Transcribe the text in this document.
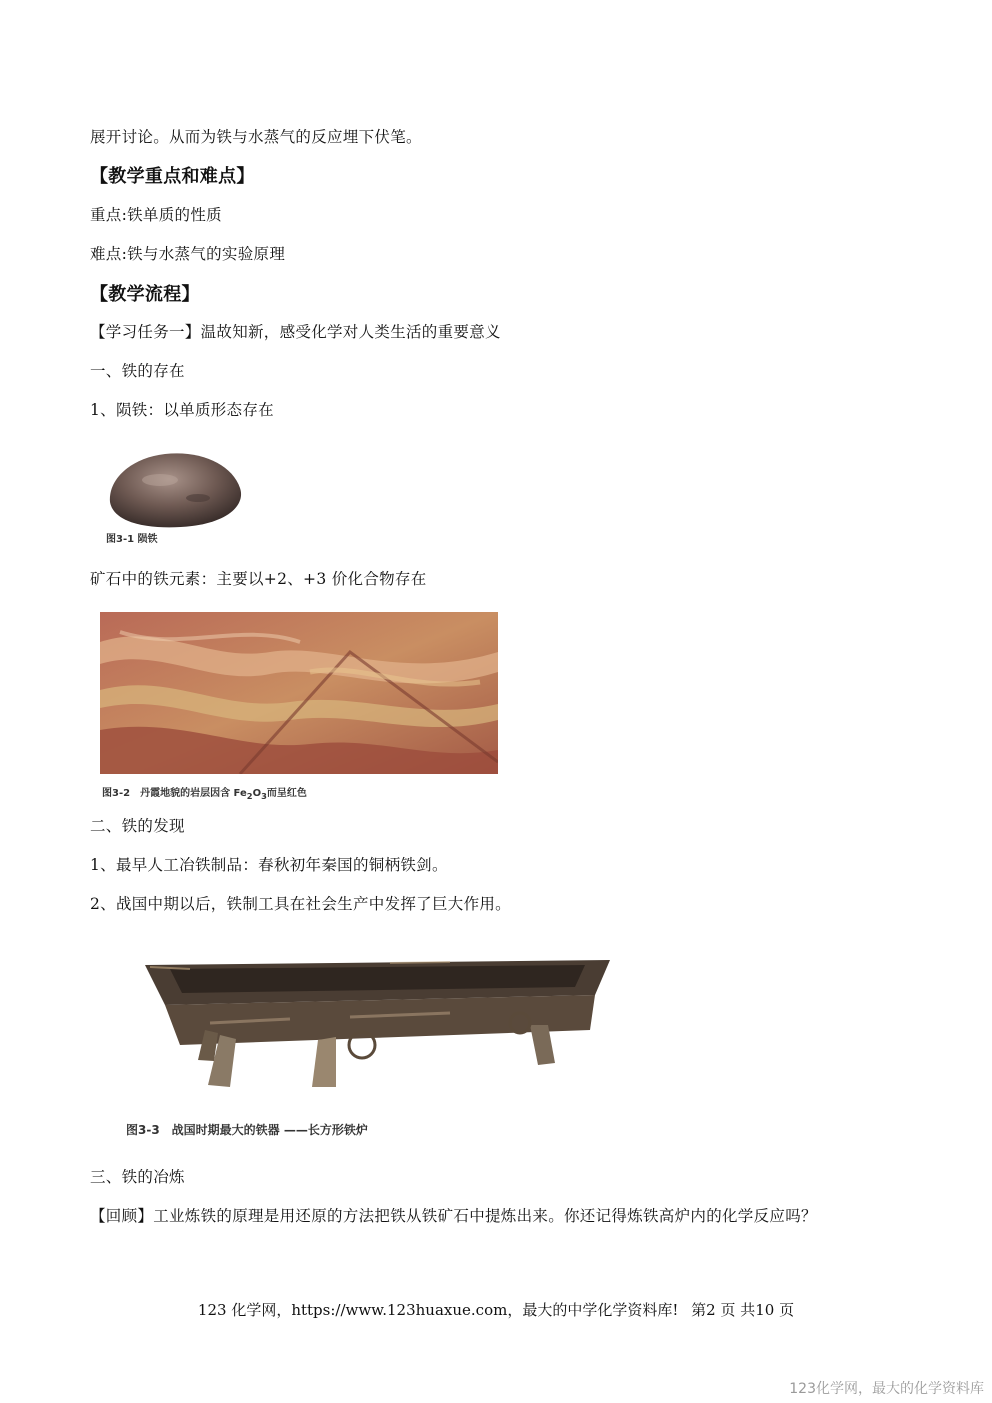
展开讨论。从而为铁与水蒸气的反应埋下伏笔。
【教学重点和难点】
重点:铁单质的性质
难点:铁与水蒸气的实验原理
【教学流程】
【学习任务一】温故知新，感受化学对人类生活的重要意义
一、铁的存在
1、陨铁：以单质形态存在
图3-1 陨铁
矿石中的铁元素：主要以+2、+3 价化合物存在
图3-2　丹霞地貌的岩层因含 $Fe_2O_3$而呈红色
二、铁的发现
1、最早人工冶铁制品：春秋初年秦国的铜柄铁剑。
2、战国中期以后，铁制工具在社会生产中发挥了巨大作用。
图3-3　战国时期最大的铁器 ——长方形铁炉
三、铁的冶炼
【回顾】工业炼铁的原理是用还原的方法把铁从铁矿石中提炼出来。你还记得炼铁高炉内的化学反应吗？
123 化学网，https://www.123huaxue.com，最大的中学化学资料库! 第2 页 共10 页
123化学网，最大的化学资料库
